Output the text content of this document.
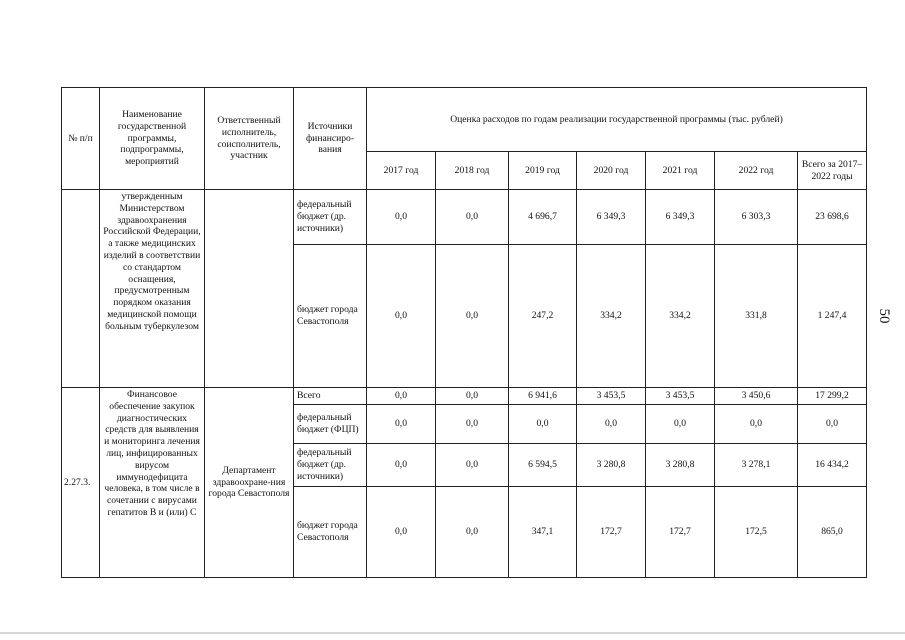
№ п/п	Наименование государственной программы, подпрограммы, мероприятий	Ответственный исполнитель, соисполнитель, участник	Источники финансиро-вания	Оценка расходов по годам реализации государственной программы (тыс. рублей)						
				2017 год	2018 год	2019 год	2020 год	2021 год	2022 год	Всего за 2017–2022 годы
	утвержденным Министерством здравоохранения Российской Федерации, а также медицинских изделий в соответствии со стандартом оснащения, предусмотренным порядком оказания медицинской помощи больным туберкулезом		федеральный бюджет (др. источники)	0,0	0,0	4 696,7	6 349,3	6 349,3	6 303,3	23 698,6
			бюджет города Севастополя	0,0	0,0	247,2	334,2	334,2	331,8	1 247,4
2.27.3.	Финансовое обеспечение закупок диагностических средств для выявления и мониторинга лечения лиц, инфицированных вирусом иммунодефицита человека, в том числе в сочетании с вирусами гепатитов В и (или) С	Департамент здравоохране-ния города Севастополя	Всего	0,0	0,0	6 941,6	3 453,5	3 453,5	3 450,6	17 299,2
			федеральный бюджет (ФЦП)	0,0	0,0	0,0	0,0	0,0	0,0	0,0
			федеральный бюджет (др. источники)	0,0	0,0	6 594,5	3 280,8	3 280,8	3 278,1	16 434,2
			бюджет города Севастополя	0,0	0,0	347,1	172,7	172,7	172,5	865,0
50
